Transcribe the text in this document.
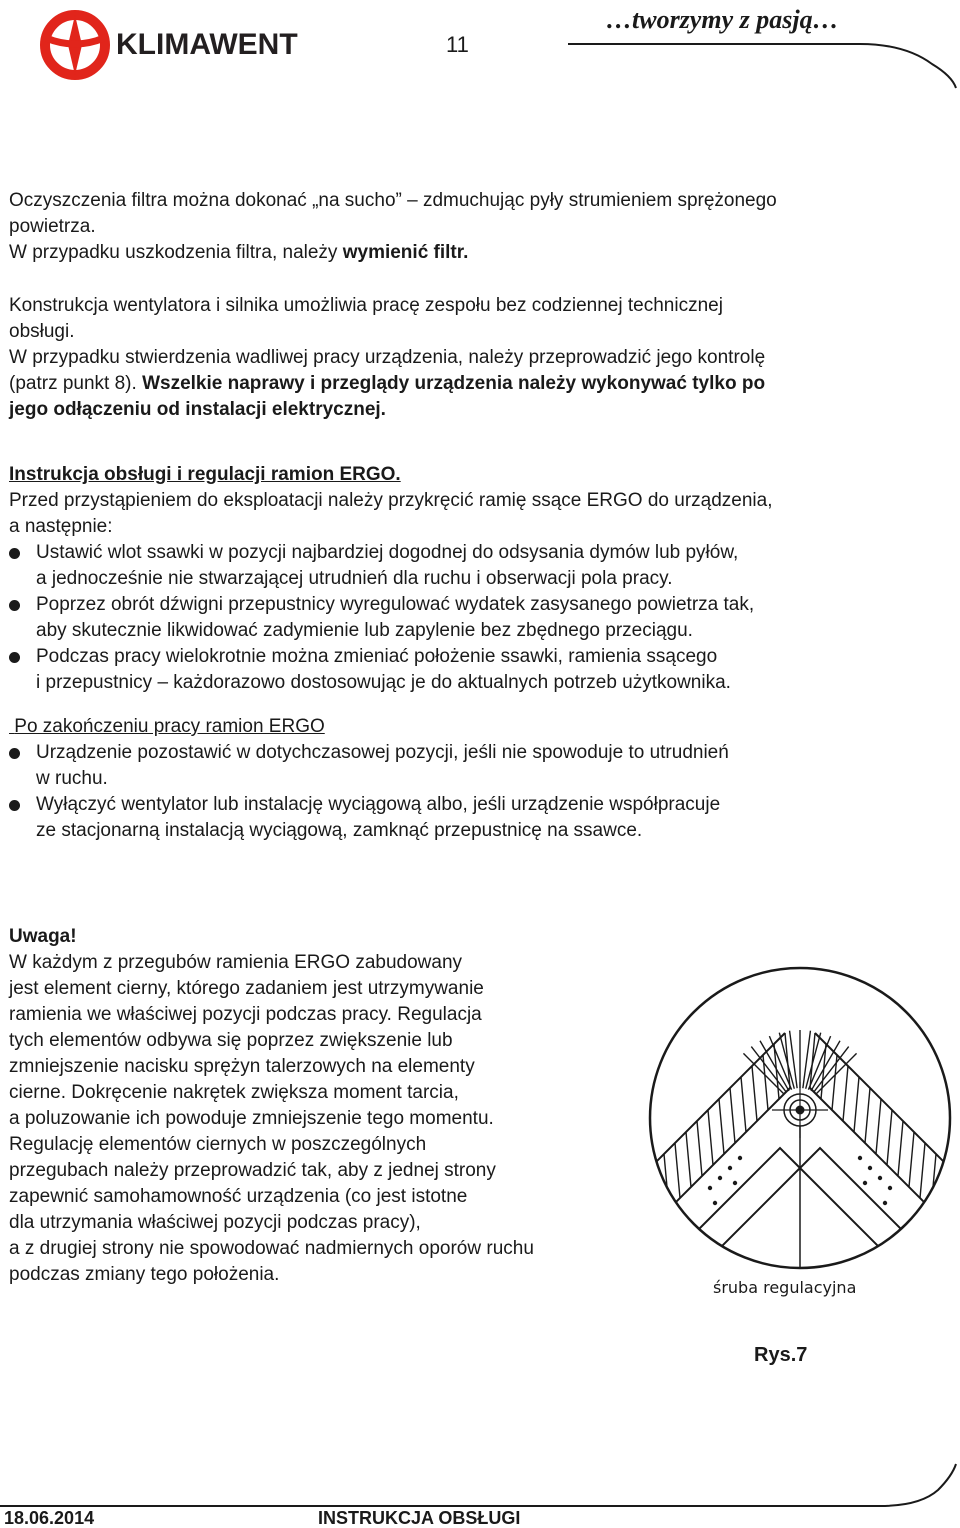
KLIMAWENT	11
…tworzymy z pasją…
Oczyszczenia filtra można dokonać „na sucho” – zdmuchując pyły strumieniem sprężonego
powietrza.
W przypadku uszkodzenia filtra, należy wymienić filtr.
Konstrukcja wentylatora i silnika umożliwia pracę zespołu bez codziennej technicznej
obsługi.
W przypadku stwierdzenia wadliwej pracy urządzenia, należy przeprowadzić jego kontrolę
(patrz punkt 8). Wszelkie naprawy i przeglądy urządzenia należy wykonywać tylko po
jego odłączeniu od instalacji elektrycznej.
Instrukcja obsługi i regulacji ramion ERGO.
Przed przystąpieniem do eksploatacji należy przykręcić ramię ssące ERGO do urządzenia,
a następnie:
Ustawić wlot ssawki w pozycji najbardziej dogodnej do odsysania dymów lub pyłów,
a jednocześnie nie stwarzającej utrudnień dla ruchu i obserwacji pola pracy.
Poprzez obrót dźwigni przepustnicy wyregulować wydatek zasysanego powietrza tak,
aby skutecznie likwidować zadymienie lub zapylenie bez zbędnego przeciągu.
Podczas pracy wielokrotnie można zmieniać położenie ssawki, ramienia ssącego
i przepustnicy – każdorazowo dostosowując je do aktualnych potrzeb użytkownika.
Po zakończeniu pracy ramion ERGO
Urządzenie pozostawić w dotychczasowej pozycji, jeśli nie spowoduje to utrudnień
w ruchu.
Wyłączyć wentylator lub instalację wyciągową albo, jeśli urządzenie współpracuje
ze stacjonarną instalacją wyciągową, zamknąć przepustnicę na ssawce.
Uwaga!
W każdym z przegubów ramienia ERGO zabudowany
jest element cierny, którego zadaniem jest utrzymywanie
ramienia we właściwej pozycji podczas pracy. Regulacja
tych elementów odbywa się poprzez zwiększenie lub
zmniejszenie nacisku sprężyn talerzowych na elementy
cierne. Dokręcenie nakrętek zwiększa moment tarcia,
a poluzowanie ich powoduje zmniejszenie tego momentu.
Regulację elementów ciernych w poszczególnych
przegubach należy przeprowadzić tak, aby z jednej strony
zapewnić samohamowność urządzenia (co jest istotne
dla utrzymania właściwej pozycji podczas pracy),
a z drugiej strony nie spowodować nadmiernych oporów ruchu
podczas zmiany tego położenia.
śruba regulacyjna
Rys.7
18.06.2014	INSTRUKCJA OBSŁUGI
